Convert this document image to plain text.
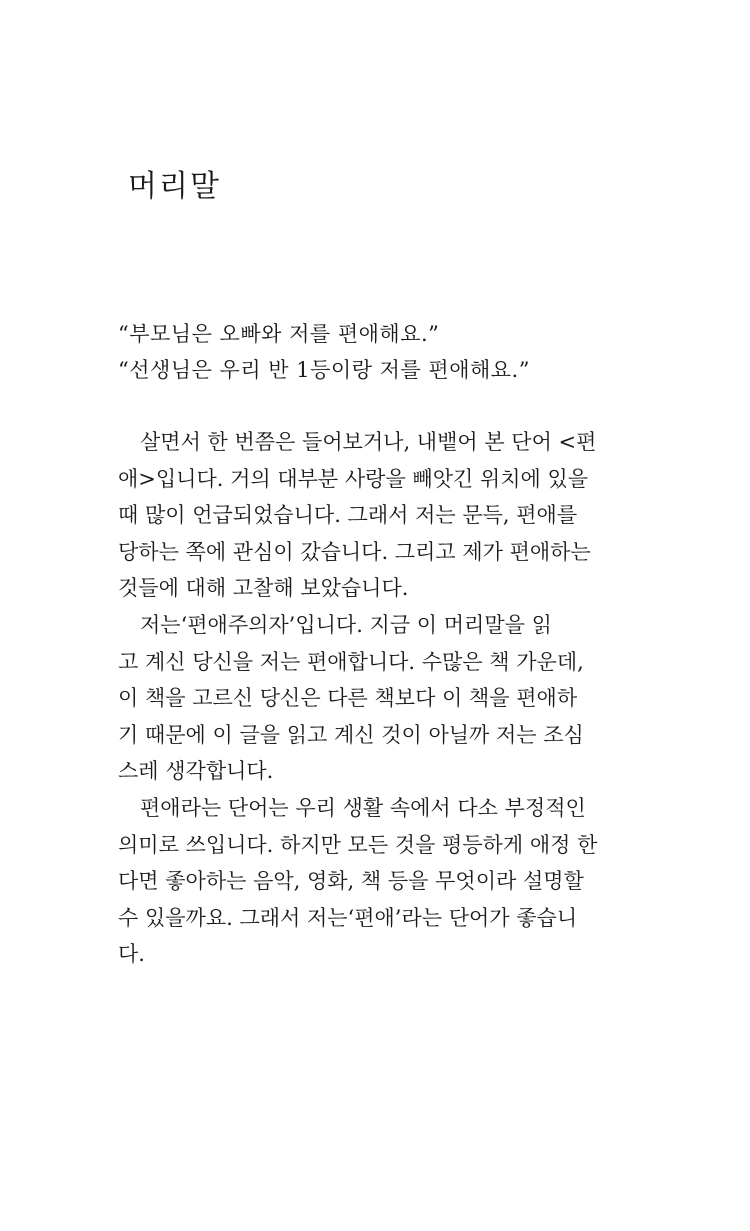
머리말
“부모님은 오빠와 저를 편애해요.”
“선생님은 우리 반 1등이랑 저를 편애해요.”
살면서 한 번쯤은 들어보거나, 내뱉어 본 단어 <편
애>입니다. 거의 대부분 사랑을 빼앗긴 위치에 있을
때 많이 언급되었습니다. 그래서 저는 문득, 편애를
당하는 쪽에 관심이 갔습니다. 그리고 제가 편애하는
것들에 대해 고찰해 보았습니다.
저는‘편애주의자’입니다. 지금 이 머리말을 읽
고 계신 당신을 저는 편애합니다. 수많은 책 가운데,
이 책을 고르신 당신은 다른 책보다 이 책을 편애하
기 때문에 이 글을 읽고 계신 것이 아닐까 저는 조심
스레 생각합니다.
편애라는 단어는 우리 생활 속에서 다소 부정적인
의미로 쓰입니다. 하지만 모든 것을 평등하게 애정 한
다면 좋아하는 음악, 영화, 책 등을 무엇이라 설명할
수 있을까요. 그래서 저는‘편애’라는 단어가 좋습니
다.
